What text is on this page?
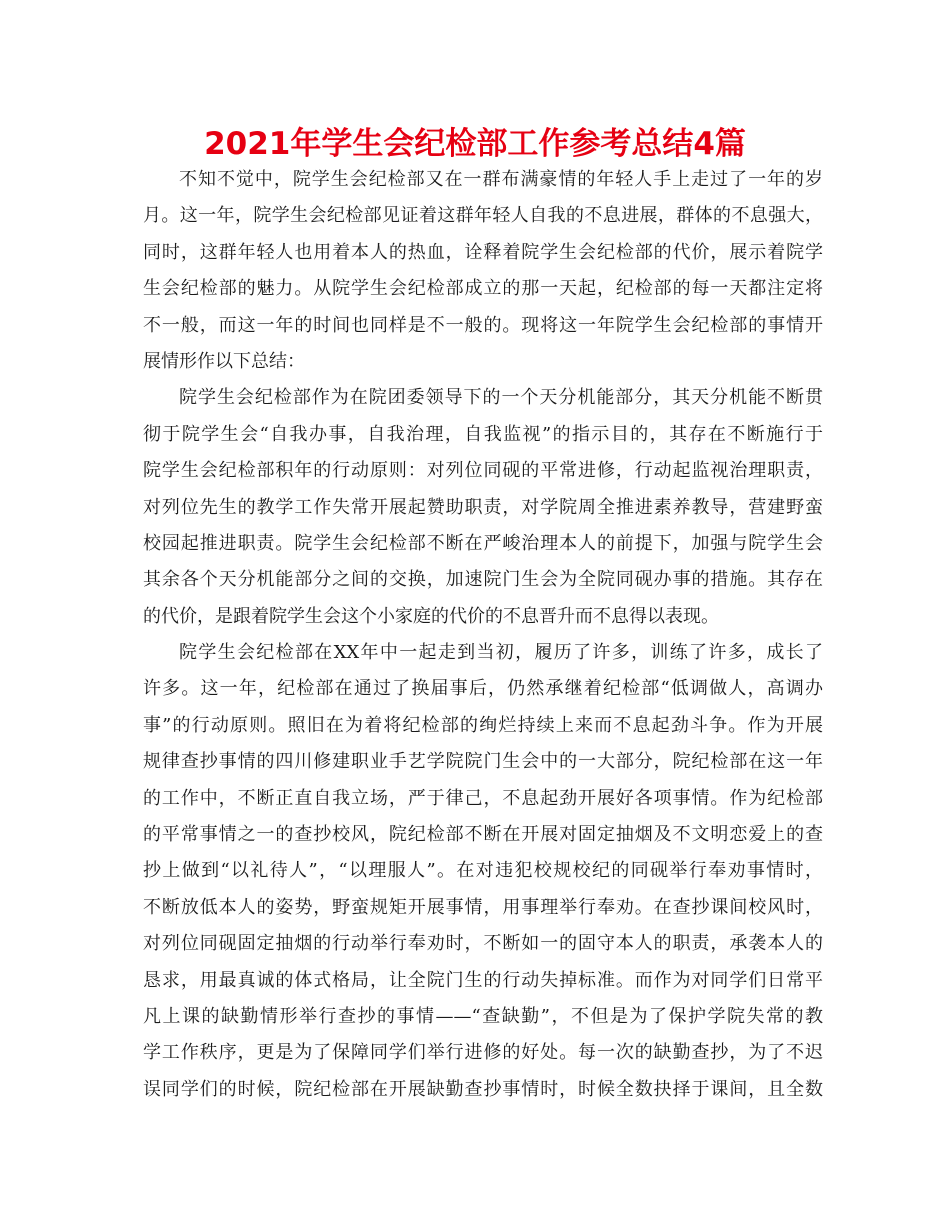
2021年学生会纪检部工作参考总结4篇

不知不觉中，院学生会纪检部又在一群布满豪情的年轻人手上走过了一年的岁
月。这一年，院学生会纪检部见证着这群年轻人自我的不息进展，群体的不息强大，
同时，这群年轻人也用着本人的热血，诠释着院学生会纪检部的代价，展示着院学
生会纪检部的魅力。从院学生会纪检部成立的那一天起，纪检部的每一天都注定将
不一般，而这一年的时间也同样是不一般的。现将这一年院学生会纪检部的事情开
展情形作以下总结：

院学生会纪检部作为在院团委领导下的一个天分机能部分，其天分机能不断贯
彻于院学生会“自我办事，自我治理，自我监视”的指示目的，其存在不断施行于
院学生会纪检部积年的行动原则：对列位同砚的平常进修，行动起监视治理职责，
对列位先生的教学工作失常开展起赞助职责，对学院周全推进素养教导，营建野蛮
校园起推进职责。院学生会纪检部不断在严峻治理本人的前提下，加强与院学生会
其余各个天分机能部分之间的交换，加速院门生会为全院同砚办事的措施。其存在
的代价，是跟着院学生会这个小家庭的代价的不息晋升而不息得以表现。

院学生会纪检部在XX年中一起走到当初，履历了许多，训练了许多，成长了
许多。这一年，纪检部在通过了换届事后，仍然承继着纪检部“低调做人，高调办
事”的行动原则。照旧在为着将纪检部的绚烂持续上来而不息起劲斗争。作为开展
规律查抄事情的四川修建职业手艺学院院门生会中的一大部分，院纪检部在这一年
的工作中，不断正直自我立场，严于律己，不息起劲开展好各项事情。作为纪检部
的平常事情之一的查抄校风，院纪检部不断在开展对固定抽烟及不文明恋爱上的查
抄上做到“以礼待人”，“以理服人”。在对违犯校规校纪的同砚举行奉劝事情时，
不断放低本人的姿势，野蛮规矩开展事情，用事理举行奉劝。在查抄课间校风时，
对列位同砚固定抽烟的行动举行奉劝时，不断如一的固守本人的职责，承袭本人的
恳求，用最真诚的体式格局，让全院门生的行动失掉标准。而作为对同学们日常平
凡上课的缺勤情形举行查抄的事情——“查缺勤”，不但是为了保护学院失常的教
学工作秩序，更是为了保障同学们举行进修的好处。每一次的缺勤查抄，为了不迟
误同学们的时候，院纪检部在开展缺勤查抄事情时，时候全数抉择于课间，且全数
